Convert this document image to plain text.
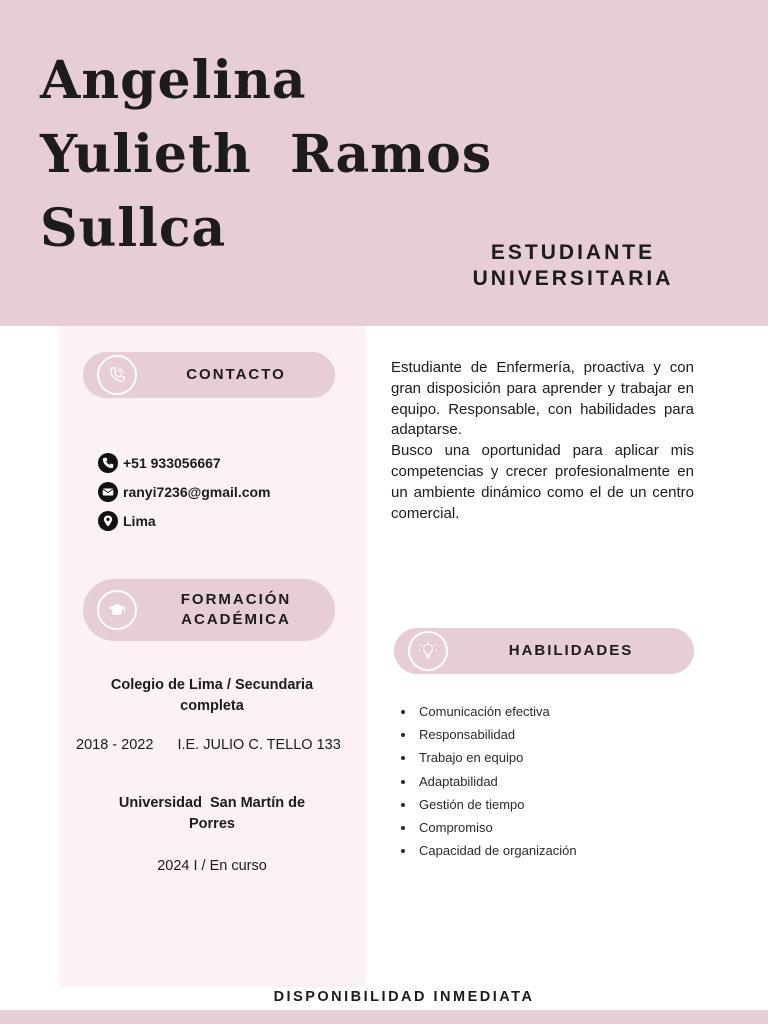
Angelina
Yulieth  Ramos
Sullca	ESTUDIANTE
UNIVERSITARIA
CONTACTO
+51 933056667
ranyi7236@gmail.com
Lima
FORMACIÓN
ACADÉMICA
Colegio de Lima / Secundaria
completa
2018 - 2022 I.E. JULIO C. TELLO 133
Universidad  San Martín de
Porres
2024 I / En curso

Estudiante de Enfermería, proactiva y con gran disposición para aprender y trabajar en equipo. Responsable, con habilidades para adaptarse.

Busco una oportunidad para aplicar mis competencias y crecer profesionalmente en un ambiente dinámico como el de un centro comercial.

HABILIDADES
Comunicación efectiva
Responsabilidad
Trabajo en equipo
Adaptabilidad
Gestión de tiempo
Compromiso
Capacidad de organización
DISPONIBILIDAD INMEDIATA
